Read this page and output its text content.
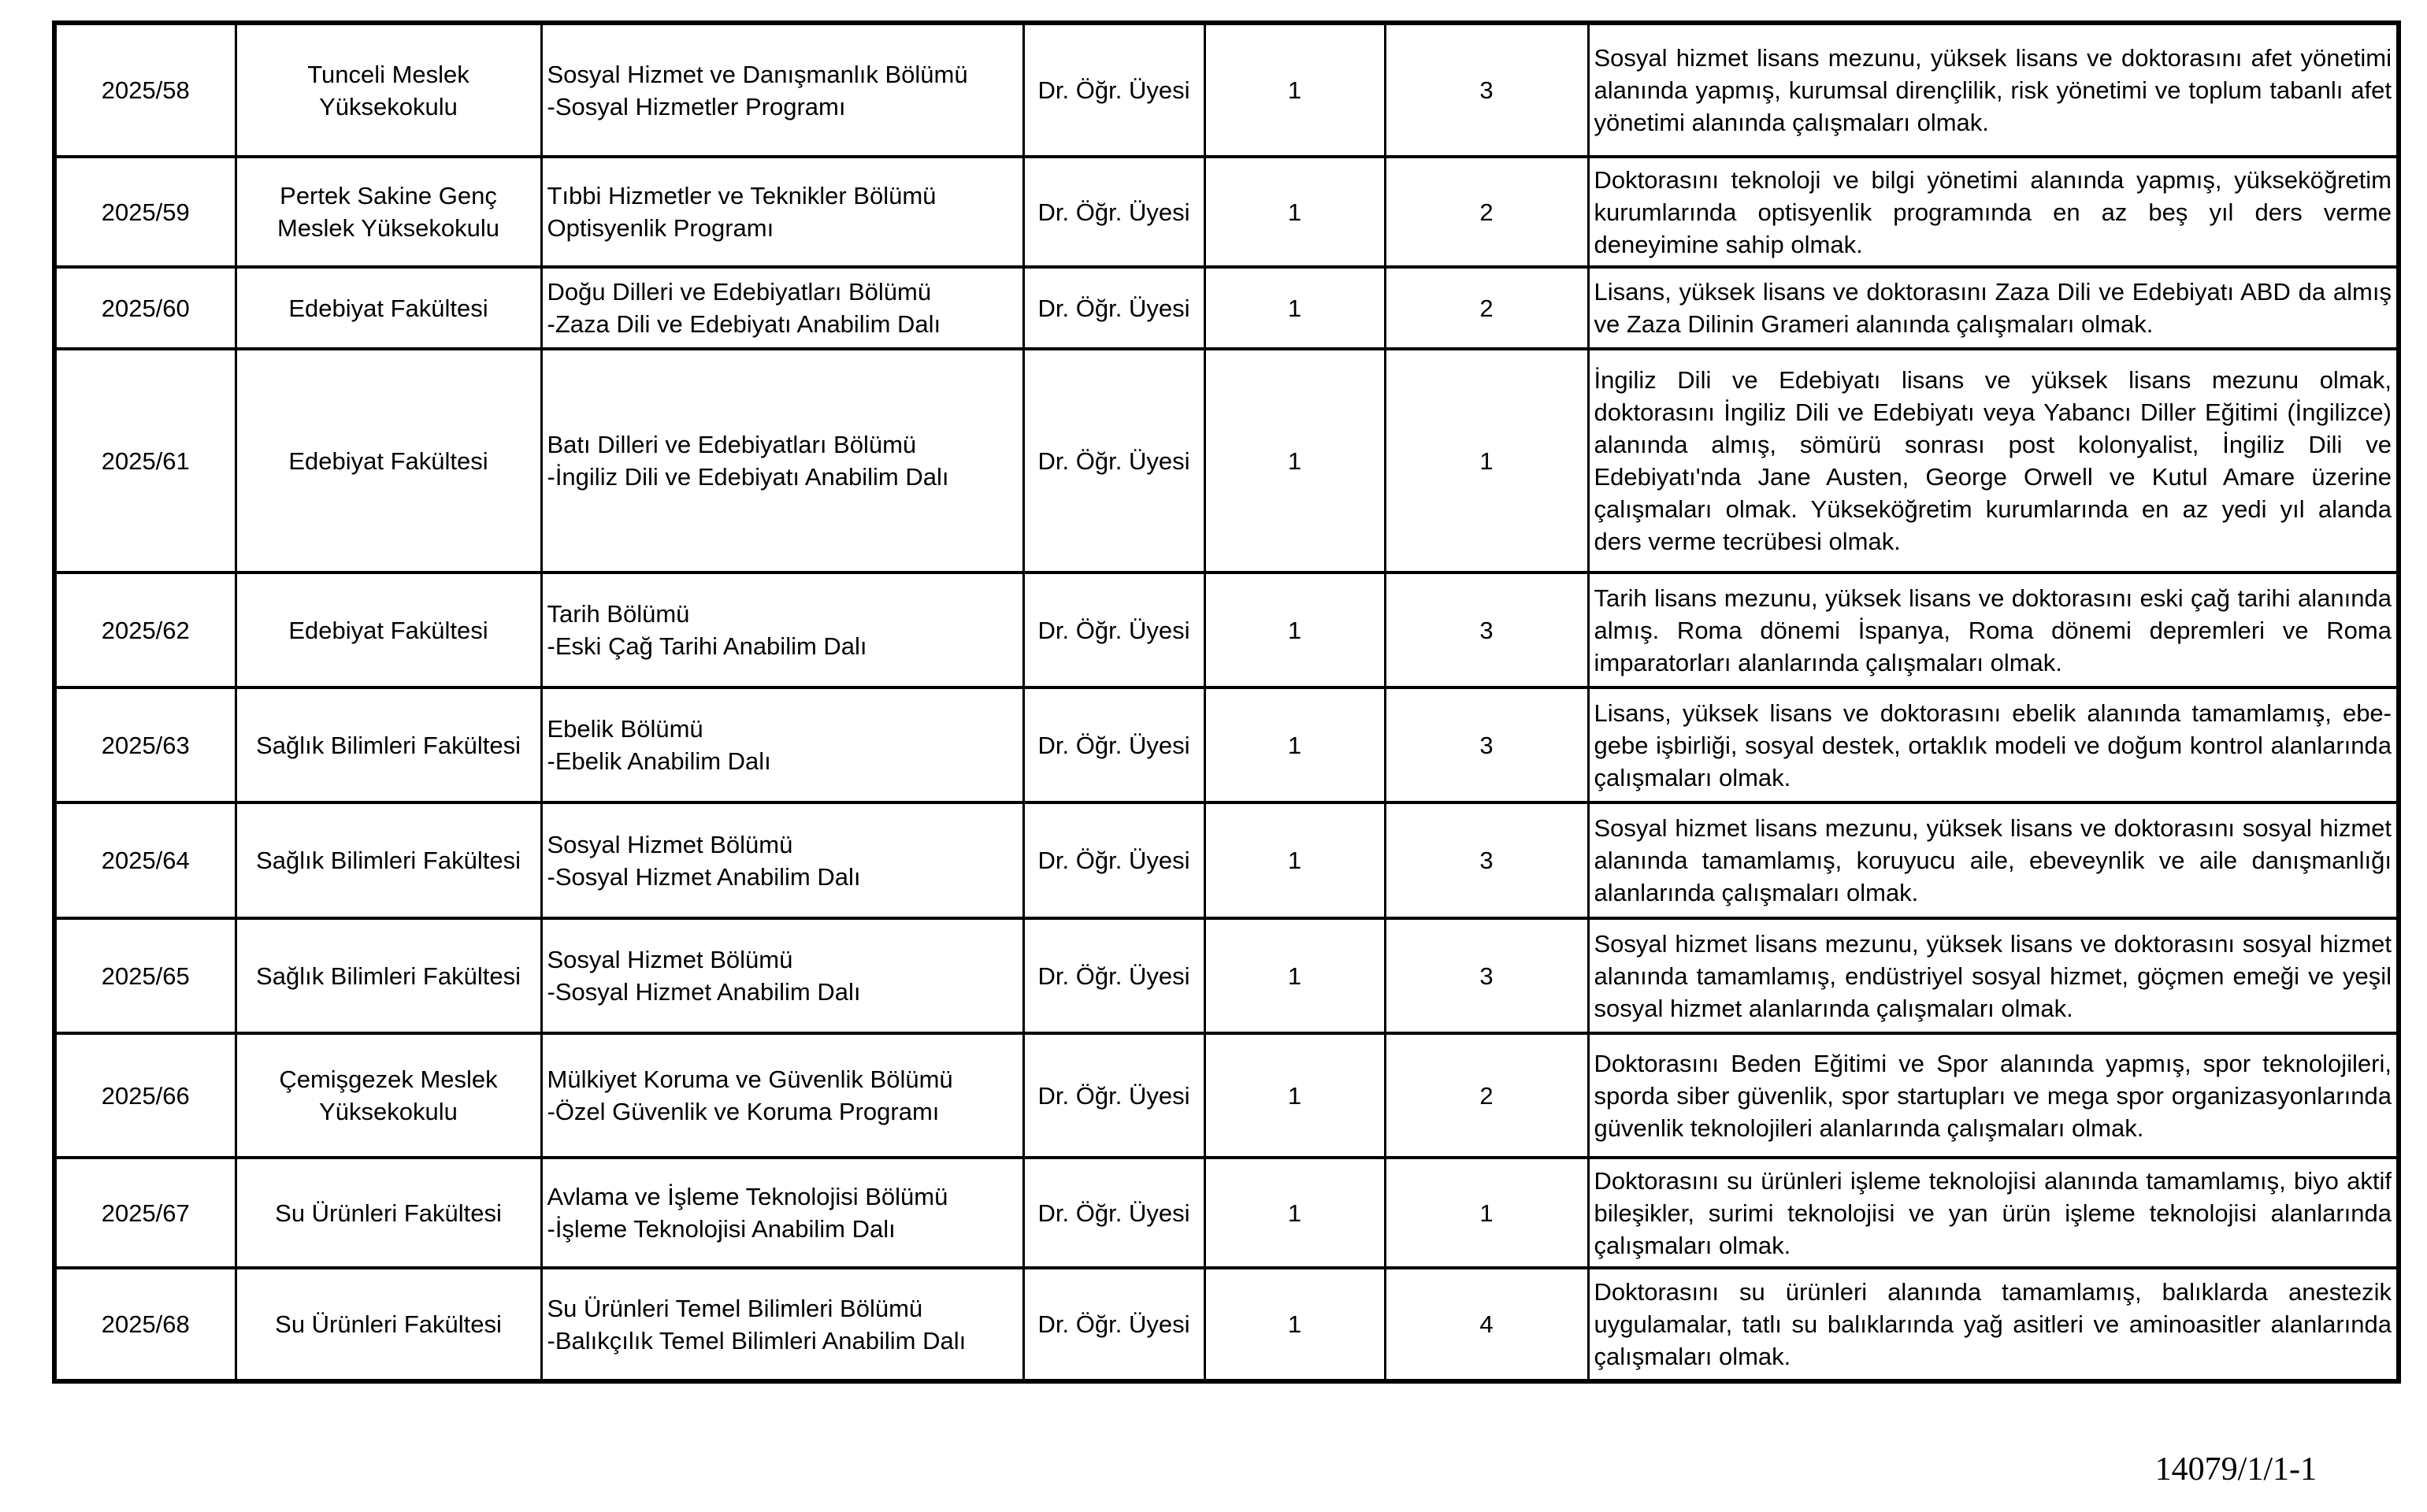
2025/58	Tunceli Meslek Yüksekokulu	Sosyal Hizmet ve Danışmanlık Bölümü
-Sosyal Hizmetler Programı	Dr. Öğr. Üyesi	1	3	Sosyal hizmet lisans mezunu, yüksek lisans ve doktorasını afet yönetimi alanında yapmış, kurumsal dirençlilik, risk yönetimi ve toplum tabanlı afet yönetimi alanında çalışmaları olmak.

2025/59	Pertek Sakine Genç Meslek Yüksekokulu	Tıbbi Hizmetler ve Teknikler Bölümü
Optisyenlik Programı	Dr. Öğr. Üyesi	1	2	Doktorasını teknoloji ve bilgi yönetimi alanında yapmış, yükseköğretim kurumlarında optisyenlik programında en az beş yıl ders verme deneyimine sahip olmak.

2025/60	Edebiyat Fakültesi	Doğu Dilleri ve Edebiyatları Bölümü
-Zaza Dili ve Edebiyatı Anabilim Dalı	Dr. Öğr. Üyesi	1	2	Lisans, yüksek lisans ve doktorasını Zaza Dili ve Edebiyatı ABD da almış ve Zaza Dilinin Grameri alanında çalışmaları olmak.

2025/61	Edebiyat Fakültesi	Batı Dilleri ve Edebiyatları Bölümü
-İngiliz Dili ve Edebiyatı Anabilim Dalı	Dr. Öğr. Üyesi	1	1	İngiliz Dili ve Edebiyatı lisans ve yüksek lisans mezunu olmak, doktorasını İngiliz Dili ve Edebiyatı veya Yabancı Diller Eğitimi (İngilizce) alanında almış, sömürü sonrası post kolonyalist, İngiliz Dili ve Edebiyatı'nda Jane Austen, George Orwell ve Kutul Amare üzerine çalışmaları olmak. Yükseköğretim kurumlarında en az yedi yıl alanda ders verme tecrübesi olmak.

2025/62	Edebiyat Fakültesi	Tarih Bölümü
-Eski Çağ Tarihi Anabilim Dalı	Dr. Öğr. Üyesi	1	3	Tarih lisans mezunu, yüksek lisans ve doktorasını eski çağ tarihi alanında almış. Roma dönemi İspanya, Roma dönemi depremleri ve Roma imparatorları alanlarında çalışmaları olmak.

2025/63	Sağlık Bilimleri Fakültesi	Ebelik Bölümü
-Ebelik Anabilim Dalı	Dr. Öğr. Üyesi	1	3	Lisans, yüksek lisans ve doktorasını ebelik alanında tamamlamış, ebe-gebe işbirliği, sosyal destek, ortaklık modeli ve doğum kontrol alanlarında çalışmaları olmak.

2025/64	Sağlık Bilimleri Fakültesi	Sosyal Hizmet Bölümü
-Sosyal Hizmet Anabilim Dalı	Dr. Öğr. Üyesi	1	3	Sosyal hizmet lisans mezunu, yüksek lisans ve doktorasını sosyal hizmet alanında tamamlamış, koruyucu aile, ebeveynlik ve aile danışmanlığı alanlarında çalışmaları olmak.

2025/65	Sağlık Bilimleri Fakültesi	Sosyal Hizmet Bölümü
-Sosyal Hizmet Anabilim Dalı	Dr. Öğr. Üyesi	1	3	Sosyal hizmet lisans mezunu, yüksek lisans ve doktorasını sosyal hizmet alanında tamamlamış, endüstriyel sosyal hizmet, göçmen emeği ve yeşil sosyal hizmet alanlarında çalışmaları olmak.

2025/66	Çemişgezek Meslek Yüksekokulu	Mülkiyet Koruma ve Güvenlik Bölümü
-Özel Güvenlik ve Koruma Programı	Dr. Öğr. Üyesi	1	2	Doktorasını Beden Eğitimi ve Spor alanında yapmış, spor teknolojileri, sporda siber güvenlik, spor startupları ve mega spor organizasyonlarında güvenlik teknolojileri alanlarında çalışmaları olmak.

2025/67	Su Ürünleri Fakültesi	Avlama ve İşleme Teknolojisi Bölümü
-İşleme Teknolojisi Anabilim Dalı	Dr. Öğr. Üyesi	1	1	Doktorasını su ürünleri işleme teknolojisi alanında tamamlamış, biyo aktif bileşikler, surimi teknolojisi ve yan ürün işleme teknolojisi alanlarında çalışmaları olmak.

2025/68	Su Ürünleri Fakültesi	Su Ürünleri Temel Bilimleri Bölümü
-Balıkçılık Temel Bilimleri Anabilim Dalı	Dr. Öğr. Üyesi	1	4	Doktorasını su ürünleri alanında tamamlamış, balıklarda anestezik uygulamalar, tatlı su balıklarında yağ asitleri ve aminoasitler alanlarında çalışmaları olmak.
14079/1/1-1
